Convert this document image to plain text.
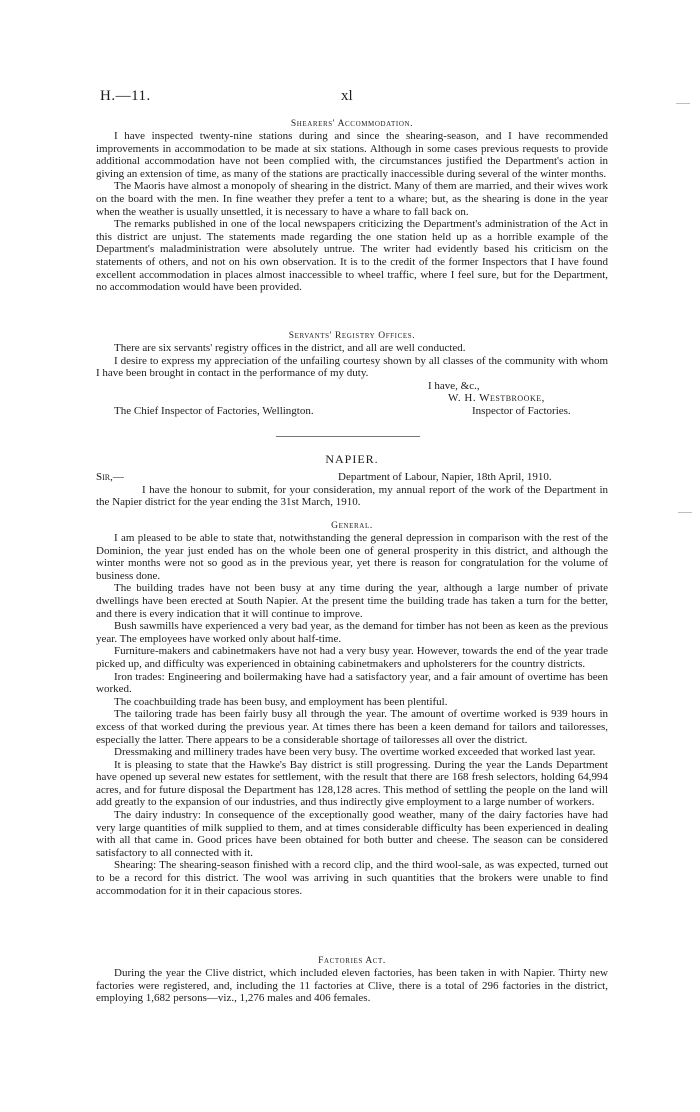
H.—11.	xl
Shearers' Accommodation.

I have inspected twenty-nine stations during and since the shearing-season, and I have recommended improvements in accommodation to be made at six stations. Although in some cases previous requests to provide additional accommodation have not been complied with, the circumstances justified the Department's action in giving an extension of time, as many of the stations are practically inaccessible during several of the winter months.

The Maoris have almost a monopoly of shearing in the district. Many of them are married, and their wives work on the board with the men. In fine weather they prefer a tent to a whare; but, as the shearing is done in the year when the weather is usually unsettled, it is necessary to have a whare to fall back on.

The remarks published in one of the local newspapers criticizing the Department's administration of the Act in this district are unjust. The statements made regarding the one station held up as a horrible example of the Department's maladministration were absolutely untrue. The writer had evidently based his criticism on the statements of others, and not on his own observation. It is to the credit of the former Inspectors that I have found excellent accommodation in places almost inaccessible to wheel traffic, where I feel sure, but for the Department, no accommodation would have been provided.

Servants' Registry Offices.

There are six servants' registry offices in the district, and all are well conducted.

I desire to express my appreciation of the unfailing courtesy shown by all classes of the community with whom I have been brought in contact in the performance of my duty.

I have, &c.,
W. H. Westbrooke,
The Chief Inspector of Factories, Wellington.	Inspector of Factories.
NAPIER.
Sir,—	Department of Labour, Napier, 18th April, 1910.

I have the honour to submit, for your consideration, my annual report of the work of the Department in the Napier district for the year ending the 31st March, 1910.

General.

I am pleased to be able to state that, notwithstanding the general depression in comparison with the rest of the Dominion, the year just ended has on the whole been one of general prosperity in this district, and although the winter months were not so good as in the previous year, yet there is reason for congratulation for the volume of business done.

The building trades have not been busy at any time during the year, although a large number of private dwellings have been erected at South Napier. At the present time the building trade has taken a turn for the better, and there is every indication that it will continue to improve.

Bush sawmills have experienced a very bad year, as the demand for timber has not been as keen as the previous year. The employees have worked only about half-time.

Furniture-makers and cabinetmakers have not had a very busy year. However, towards the end of the year trade picked up, and difficulty was experienced in obtaining cabinetmakers and upholsterers for the country districts.

Iron trades: Engineering and boilermaking have had a satisfactory year, and a fair amount of overtime has been worked.

The coachbuilding trade has been busy, and employment has been plentiful.

The tailoring trade has been fairly busy all through the year. The amount of overtime worked is 939 hours in excess of that worked during the previous year. At times there has been a keen demand for tailors and tailoresses, especially the latter. There appears to be a considerable shortage of tailoresses all over the district.

Dressmaking and millinery trades have been very busy. The overtime worked exceeded that worked last year.

It is pleasing to state that the Hawke's Bay district is still progressing. During the year the Lands Department have opened up several new estates for settlement, with the result that there are 168 fresh selectors, holding 64,994 acres, and for future disposal the Department has 128,128 acres. This method of settling the people on the land will add greatly to the expansion of our industries, and thus indirectly give employment to a large number of workers.

The dairy industry: In consequence of the exceptionally good weather, many of the dairy factories have had very large quantities of milk supplied to them, and at times considerable difficulty has been experienced in dealing with all that came in. Good prices have been obtained for both butter and cheese. The season can be considered satisfactory to all connected with it.

Shearing: The shearing-season finished with a record clip, and the third wool-sale, as was expected, turned out to be a record for this district. The wool was arriving in such quantities that the brokers were unable to find accommodation for it in their capacious stores.

Factories Act.

During the year the Clive district, which included eleven factories, has been taken in with Napier. Thirty new factories were registered, and, including the 11 factories at Clive, there is a total of 296 factories in the district, employing 1,682 persons—viz., 1,276 males and 406 females.
